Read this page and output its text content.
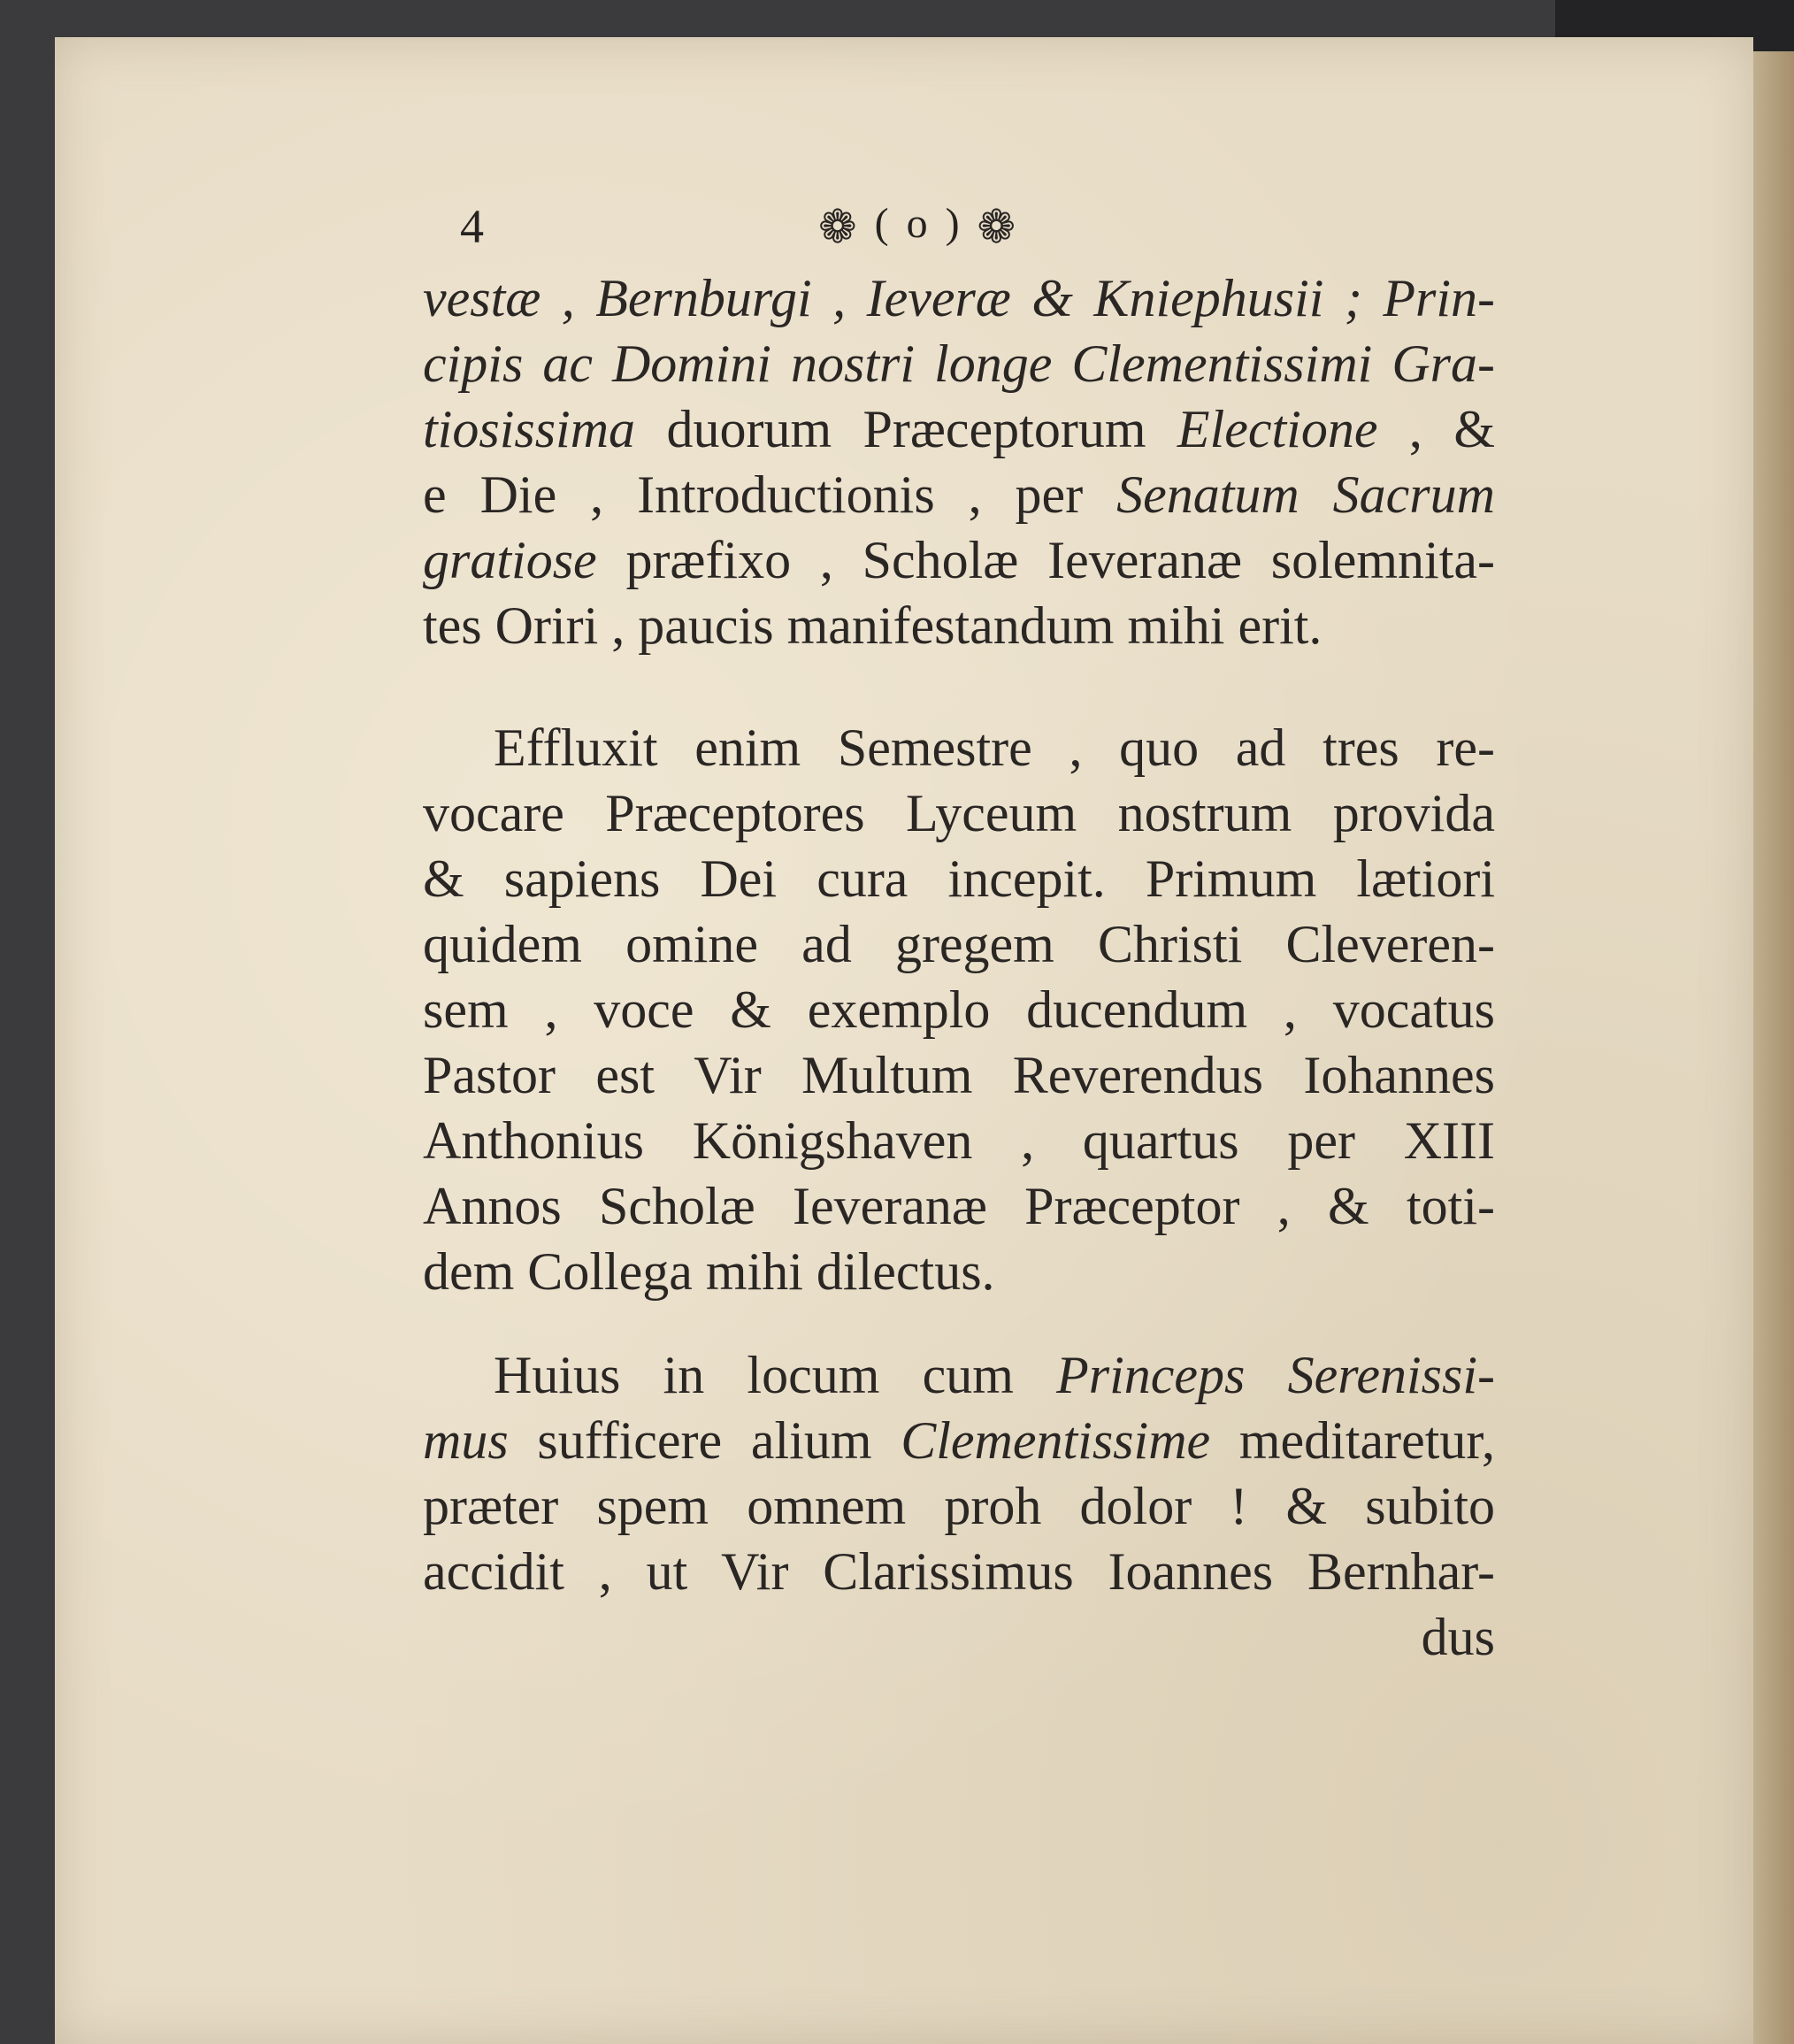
4	❁ ( o ) ❁
vestæ , Bernburgi , Ieveræ & Kniephusii ; Prin-
cipis ac Domini nostri longe Clementissimi Gra-
tiosissima duorum Præceptorum Electione , &
e Die , Introductionis , per Senatum Sacrum
gratiose præfixo , Scholæ Ieveranæ solemnita-
tes Oriri , paucis manifestandum mihi erit.
Effluxit enim Semestre , quo ad tres re-
vocare Præceptores Lyceum nostrum provida
& sapiens Dei cura incepit. Primum lætiori
quidem omine ad gregem Christi Cleveren-
sem , voce & exemplo ducendum , vocatus
Pastor est Vir Multum Reverendus Iohannes
Anthonius Königshaven , quartus per XIII
Annos Scholæ Ieveranæ Præceptor , & toti-
dem Collega mihi dilectus.
Huius in locum cum Princeps Serenissi-
mus sufficere alium Clementissime meditaretur,
præter spem omnem proh dolor ! & subito
accidit , ut Vir Clarissimus Ioannes Bernhar-
dus
